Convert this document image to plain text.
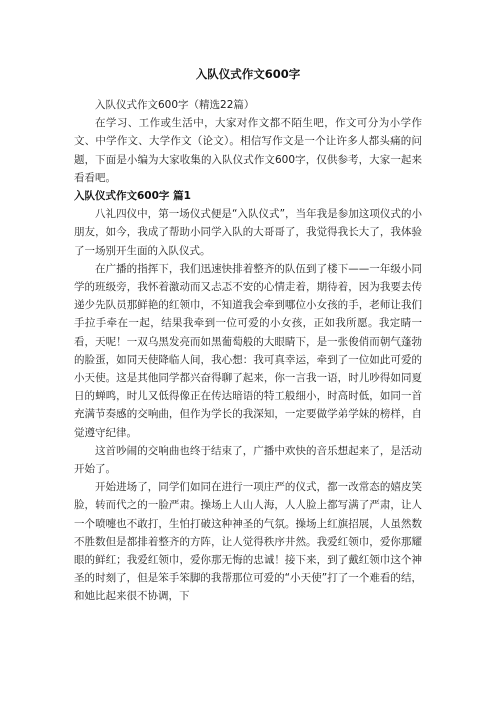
入队仪式作文600字

入队仪式作文600字（精选22篇）

在学习、工作或生活中，大家对作文都不陌生吧，作文可分为小学作文、中学作文、大学作文（论文）。相信写作文是一个让许多人都头痛的问题，下面是小编为大家收集的入队仪式作文600字，仅供参考，大家一起来看看吧。

入队仪式作文600字 篇1

八礼四仪中，第一场仪式便是“入队仪式”，当年我是参加这项仪式的小朋友，如今，我成了帮助小同学入队的大哥哥了，我觉得我长大了，我体验了一场别开生面的入队仪式。

在广播的指挥下，我们迅速快排着整齐的队伍到了楼下——一年级小同学的班级旁，我怀着激动而又忐忑不安的心情走着，期待着，因为我要去传递少先队员那鲜艳的红领巾，不知道我会牵到哪位小女孩的手，老师让我们手拉手牵在一起，结果我牵到一位可爱的小女孩，正如我所愿。我定睛一看，天呢！一双乌黑发亮而如黑葡萄般的大眼睛下，是一张俊俏而朝气蓬勃的脸蛋，如同天使降临人间，我心想：我可真幸运，牵到了一位如此可爱的小天使。这是其他同学都兴奋得聊了起来，你一言我一语，时儿吵得如同夏日的蝉鸣，时儿又低得像正在传达暗语的特工般细小，时高时低，如同一首充满节奏感的交响曲，但作为学长的我深知，一定要做学弟学妹的榜样，自觉遵守纪律。

这首吵闹的交响曲也终于结束了，广播中欢快的音乐想起来了，是活动开始了。

开始进场了，同学们如同在进行一项庄严的仪式，都一改常态的嬉皮笑脸，转而代之的一脸严肃。操场上人山人海，人人脸上都写满了严肃，让人一个喷嚏也不敢打，生怕打破这种神圣的气氛。操场上红旗招展，人虽然数不胜数但是都排着整齐的方阵，让人觉得秩序井然。我爱红领巾，爱你那耀眼的鲜红；我爱红领巾，爱你那无悔的忠诚！接下来，到了戴红领巾这个神圣的时刻了，但是笨手笨脚的我帮那位可爱的“小天使”打了一个难看的结，和她比起来很不协调，下
